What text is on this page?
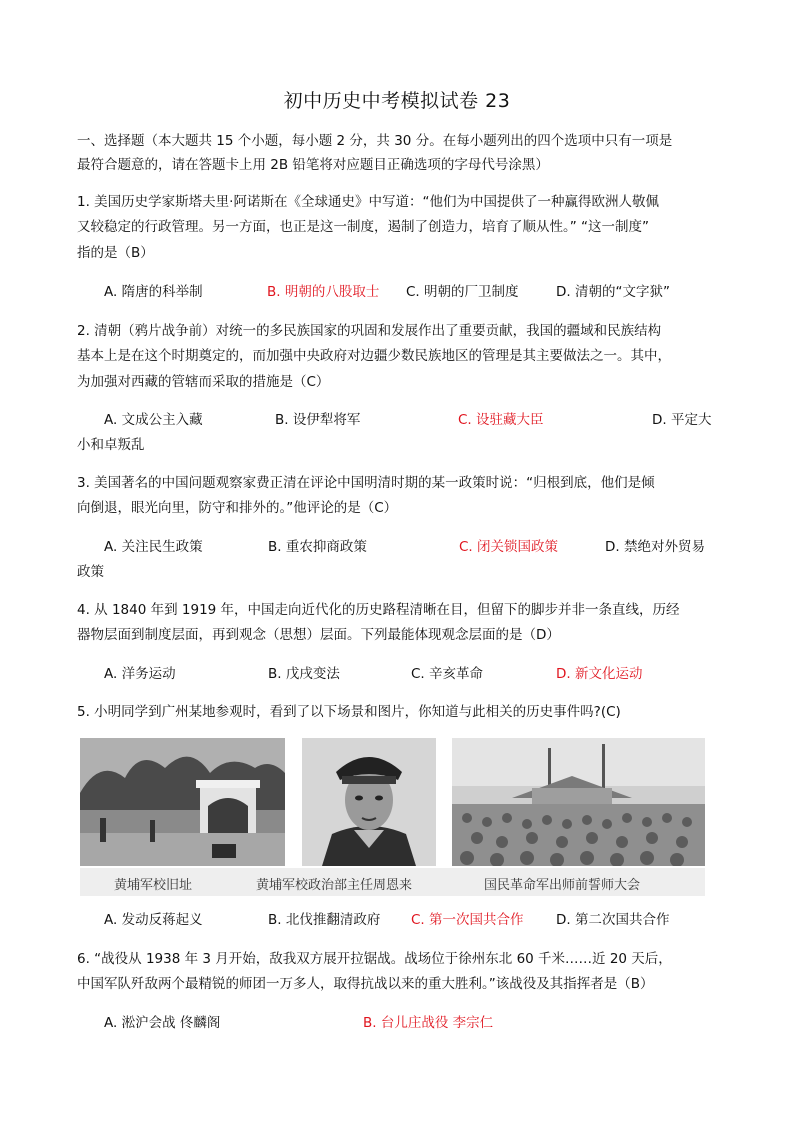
初中历史中考模拟试卷 23
一、选择题（本大题共 15 个小题，每小题 2 分，共 30 分。在每小题列出的四个选项中只有一项是
最符合题意的，请在答题卡上用 2B 铅笔将对应题目正确选项的字母代号涂黑）
1. 美国历史学家斯塔夫里·阿诺斯在《全球通史》中写道：“他们为中国提供了一种赢得欧洲人敬佩
又较稳定的行政管理。另一方面，也正是这一制度，遏制了创造力，培育了顺从性。” “这一制度”
指的是（B）
A. 隋唐的科举制	B. 明朝的八股取士 C. 明朝的厂卫制度	D. 清朝的“文字狱”
2. 清朝（鸦片战争前）对统一的多民族国家的巩固和发展作出了重要贡献，我国的疆域和民族结构
基本上是在这个时期奠定的，而加强中央政府对边疆少数民族地区的管理是其主要做法之一。其中，
为加强对西藏的管辖而采取的措施是（C）
A. 文成公主入藏	B. 设伊犁将军	C. 设驻藏大臣	D. 平定大
小和卓叛乱
3. 美国著名的中国问题观察家费正清在评论中国明清时期的某一政策时说：“归根到底，他们是倾
向倒退，眼光向里，防守和排外的。”他评论的是（C）
A. 关注民生政策	B. 重农抑商政策	C. 闭关锁国政策	D. 禁绝对外贸易
政策
4. 从 1840 年到 1919 年，中国走向近代化的历史路程清晰在目，但留下的脚步并非一条直线，历经
器物层面到制度层面，再到观念（思想）层面。下列最能体现观念层面的是（D）
A. 洋务运动	B. 戊戌变法	C. 辛亥革命	D. 新文化运动
5. 小明同学到广州某地参观时，看到了以下场景和图片，你知道与此相关的历史事件吗?(C)
黄埔军校旧址	黄埔军校政治部主任周恩来	国民革命军出师前誓师大会
A. 发动反蒋起义	B. 北伐推翻清政府 C. 第一次国共合作 D. 第二次国共合作
6. “战役从 1938 年 3 月开始，敌我双方展开拉锯战。战场位于徐州东北 60 千米……近 20 天后，
中国军队歼敌两个最精锐的师团一万多人，取得抗战以来的重大胜利。”该战役及其指挥者是（B）
A. 淞沪会战 佟麟阁	B. 台儿庄战役 李宗仁
